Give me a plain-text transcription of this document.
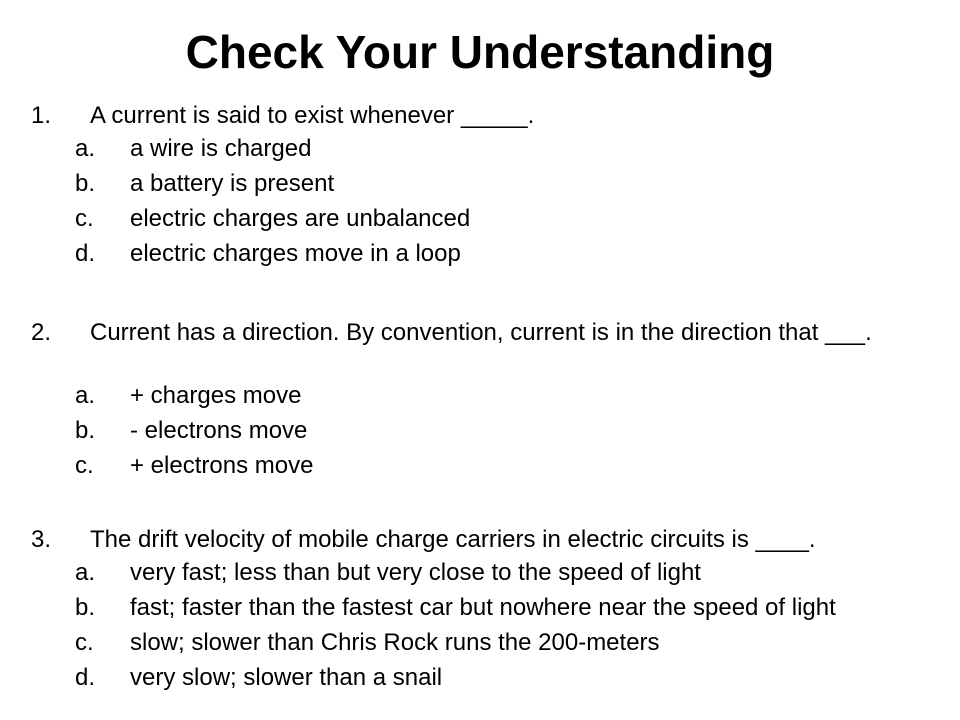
Check Your Understanding
1. A current is said to exist whenever _____.
a. a wire is charged
b. a battery is present
c. electric charges are unbalanced
d. electric charges move in a loop
2. Current has a direction. By convention, current is in the direction that ___.
a. + charges move
b. - electrons move
c. + electrons move
3. The drift velocity of mobile charge carriers in electric circuits is ____.
a. very fast; less than but very close to the speed of light
b. fast; faster than the fastest car but nowhere near the speed of light
c. slow; slower than Chris Rock runs the 200-meters
d. very slow; slower than a snail
